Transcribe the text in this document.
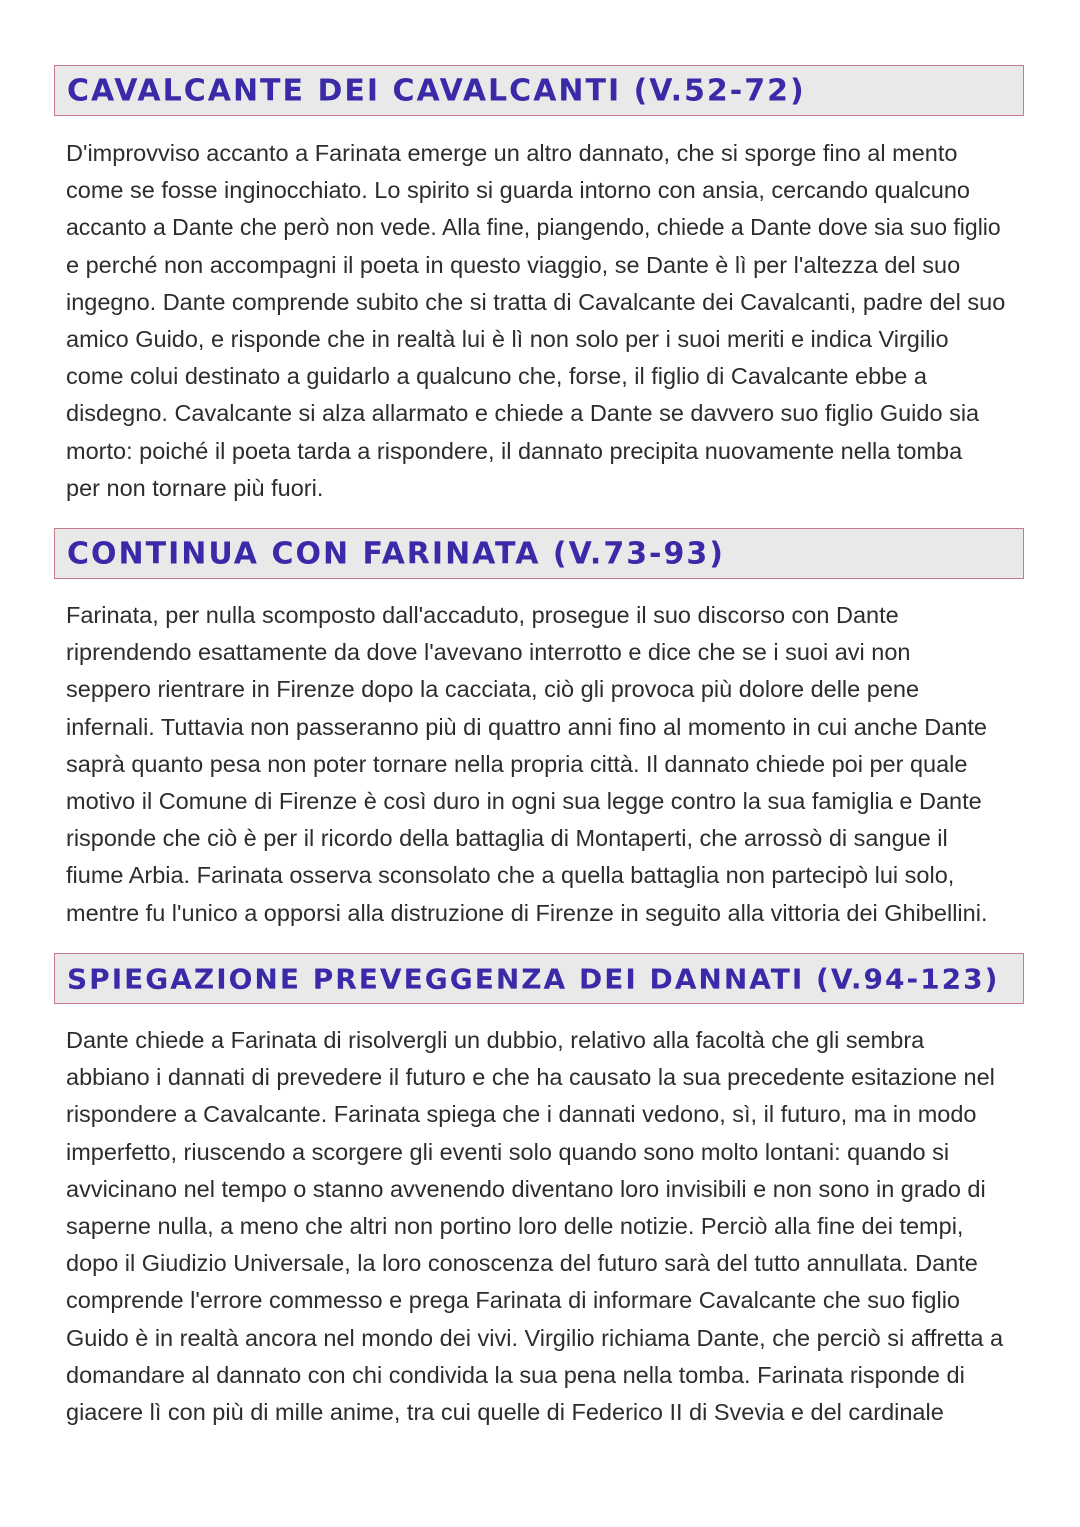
CAVALCANTE DEI CAVALCANTI (V.52-72)
D'improvviso accanto a Farinata emerge un altro dannato, che si sporge fino al mento
come se fosse inginocchiato. Lo spirito si guarda intorno con ansia, cercando qualcuno
accanto a Dante che però non vede. Alla fine, piangendo, chiede a Dante dove sia suo figlio
e perché non accompagni il poeta in questo viaggio, se Dante è lì per l'altezza del suo
ingegno. Dante comprende subito che si tratta di Cavalcante dei Cavalcanti, padre del suo
amico Guido, e risponde che in realtà lui è lì non solo per i suoi meriti e indica Virgilio
come colui destinato a guidarlo a qualcuno che, forse, il figlio di Cavalcante ebbe a
disdegno. Cavalcante si alza allarmato e chiede a Dante se davvero suo figlio Guido sia
morto: poiché il poeta tarda a rispondere, il dannato precipita nuovamente nella tomba
per non tornare più fuori.
CONTINUA CON FARINATA (V.73-93)
Farinata, per nulla scomposto dall'accaduto, prosegue il suo discorso con Dante
riprendendo esattamente da dove l'avevano interrotto e dice che se i suoi avi non
seppero rientrare in Firenze dopo la cacciata, ciò gli provoca più dolore delle pene
infernali. Tuttavia non passeranno più di quattro anni fino al momento in cui anche Dante
saprà quanto pesa non poter tornare nella propria città. Il dannato chiede poi per quale
motivo il Comune di Firenze è così duro in ogni sua legge contro la sua famiglia e Dante
risponde che ciò è per il ricordo della battaglia di Montaperti, che arrossò di sangue il
fiume Arbia. Farinata osserva sconsolato che a quella battaglia non partecipò lui solo,
mentre fu l'unico a opporsi alla distruzione di Firenze in seguito alla vittoria dei Ghibellini.
SPIEGAZIONE PREVEGGENZA DEI DANNATI (V.94-123)
Dante chiede a Farinata di risolvergli un dubbio, relativo alla facoltà che gli sembra
abbiano i dannati di prevedere il futuro e che ha causato la sua precedente esitazione nel
rispondere a Cavalcante. Farinata spiega che i dannati vedono, sì, il futuro, ma in modo
imperfetto, riuscendo a scorgere gli eventi solo quando sono molto lontani: quando si
avvicinano nel tempo o stanno avvenendo diventano loro invisibili e non sono in grado di
saperne nulla, a meno che altri non portino loro delle notizie. Perciò alla fine dei tempi,
dopo il Giudizio Universale, la loro conoscenza del futuro sarà del tutto annullata. Dante
comprende l'errore commesso e prega Farinata di informare Cavalcante che suo figlio
Guido è in realtà ancora nel mondo dei vivi. Virgilio richiama Dante, che perciò si affretta a
domandare al dannato con chi condivida la sua pena nella tomba. Farinata risponde di
giacere lì con più di mille anime, tra cui quelle di Federico II di Svevia e del cardinale
